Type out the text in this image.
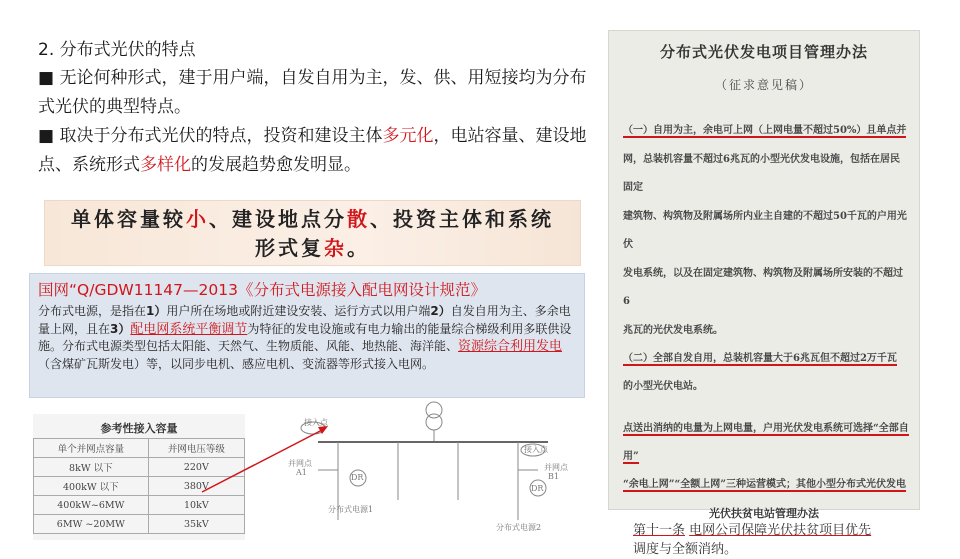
2. 分布式光伏的特点
■ 无论何种形式，建于用户端，自发自用为主，发、供、用短接均为分布式光伏的典型特点。
■ 取决于分布式光伏的特点，投资和建设主体多元化，电站容量、建设地点、系统形式多样化的发展趋势愈发明显。
单体容量较小、建设地点分散、投资主体和系统
形式复杂。
国网“Q/GDW11147—2013《分布式电源接入配电网设计规范》
分布式电源，是指在1）用户所在场地或附近建设安装、运行方式以用户端2）自发自用为主、多余电量上网，且在3）配电网系统平衡调节为特征的发电设施或有电力输出的能量综合梯级利用多联供设施。分布式电源类型包括太阳能、天然气、生物质能、风能、地热能、海洋能、资源综合利用发电（含煤矿瓦斯发电）等，以同步电机、感应电机、变流器等形式接入电网。
参考性接入容量
单个并网点容量	并网电压等级
8kW 以下	220V
400kW 以下	380V
400kW~6MW	10kV
6MW ~20MW	35kV
接入点
并网点
A1
DR
分布式电源1
接入点
并网点
B1
DR
分布式电源2
分布式光伏发电项目管理办法
（征求意见稿）
（一）自用为主，余电可上网（上网电量不超过50%）且单点并
网，总装机容量不超过6兆瓦的小型光伏发电设施，包括在居民固定
建筑物、构筑物及附属场所内业主自建的不超过50千瓦的户用光伏
发电系统，以及在固定建筑物、构筑物及附属场所安装的不超过6
兆瓦的光伏发电系统。
（二）全部自发自用，总装机容量大于6兆瓦但不超过2万千瓦
的小型光伏电站。
点送出消纳的电量为上网电量，户用光伏发电系统可选择“全部自用”
“余电上网”“全额上网”三种运营模式；其他小型分布式光伏发电
光伏扶贫电站管理办法
第十一条 电网公司保障光伏扶贫项目优先
调度与全额消纳。
